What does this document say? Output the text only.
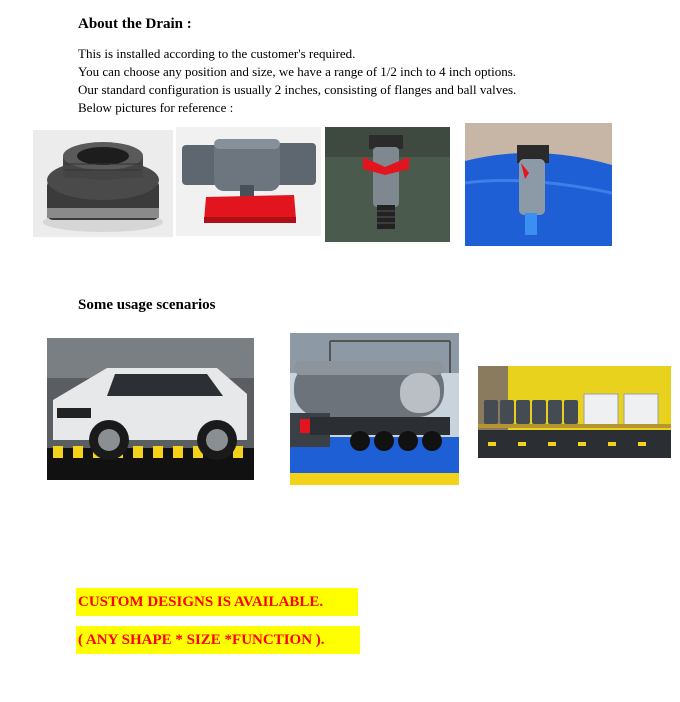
About the Drain :
This is installed according to the customer's required.
You can choose any position and size, we have a range of 1/2 inch to 4 inch options.
Our standard configuration is usually 2 inches, consisting of flanges and ball valves.
Below pictures for reference :
Some usage scenarios
CUSTOM DESIGNS IS AVAILABLE.
( ANY SHAPE * SIZE *FUNCTION ).
